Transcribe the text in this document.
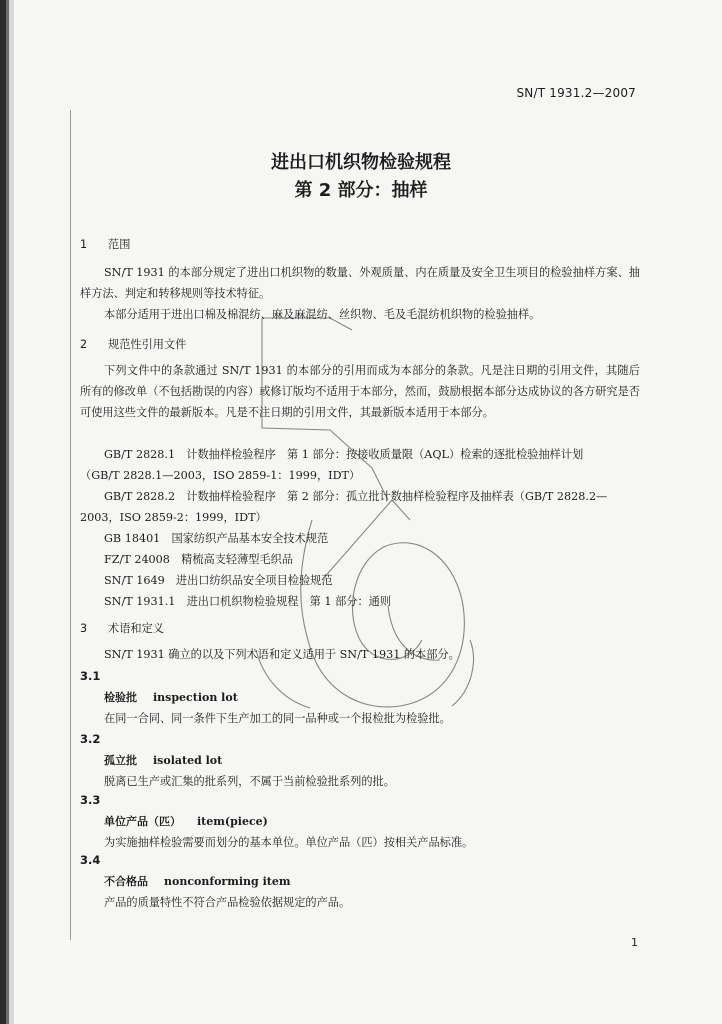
SN/T 1931.2—2007
进出口机织物检验规程
第 2 部分：抽样
1 范围
SN/T 1931 的本部分规定了进出口机织物的数量、外观质量、内在质量及安全卫生项目的检验抽样方案、抽样方法、判定和转移规则等技术特征。
本部分适用于进出口棉及棉混纺、麻及麻混纺、丝织物、毛及毛混纺机织物的检验抽样。
2 规范性引用文件
下列文件中的条款通过 SN/T 1931 的本部分的引用而成为本部分的条款。凡是注日期的引用文件，其随后所有的修改单（不包括勘误的内容）或修订版均不适用于本部分，然而，鼓励根据本部分达成协议的各方研究是否可使用这些文件的最新版本。凡是不注日期的引用文件，其最新版本适用于本部分。
GB/T 2828.1　 计数抽样检验程序　第 1 部分：按接收质量限（AQL）检索的逐批检验抽样计划
（GB/T 2828.1—2003，ISO 2859-1：1999，IDT）
GB/T 2828.2　 计数抽样检验程序　第 2 部分：孤立批计数抽样检验程序及抽样表（GB/T 2828.2—
2003，ISO 2859-2：1999，IDT）
GB 18401　 国家纺织产品基本安全技术规范
FZ/T 24008　 精梳高支轻薄型毛织品
SN/T 1649　 进出口纺织品安全项目检验规范
SN/T 1931.1　 进出口机织物检验规程　第 1 部分：通则
3 术语和定义
SN/T 1931 确立的以及下列术语和定义适用于 SN/T 1931 的本部分。
3.1
检验批 inspection lot
在同一合同、同一条件下生产加工的同一品种或一个报检批为检验批。
3.2
孤立批 isolated lot
脱离已生产或汇集的批系列，不属于当前检验批系列的批。
3.3
单位产品（匹） item(piece)
为实施抽样检验需要而划分的基本单位。单位产品（匹）按相关产品标准。
3.4
不合格品 nonconforming item
产品的质量特性不符合产品检验依据规定的产品。
1
